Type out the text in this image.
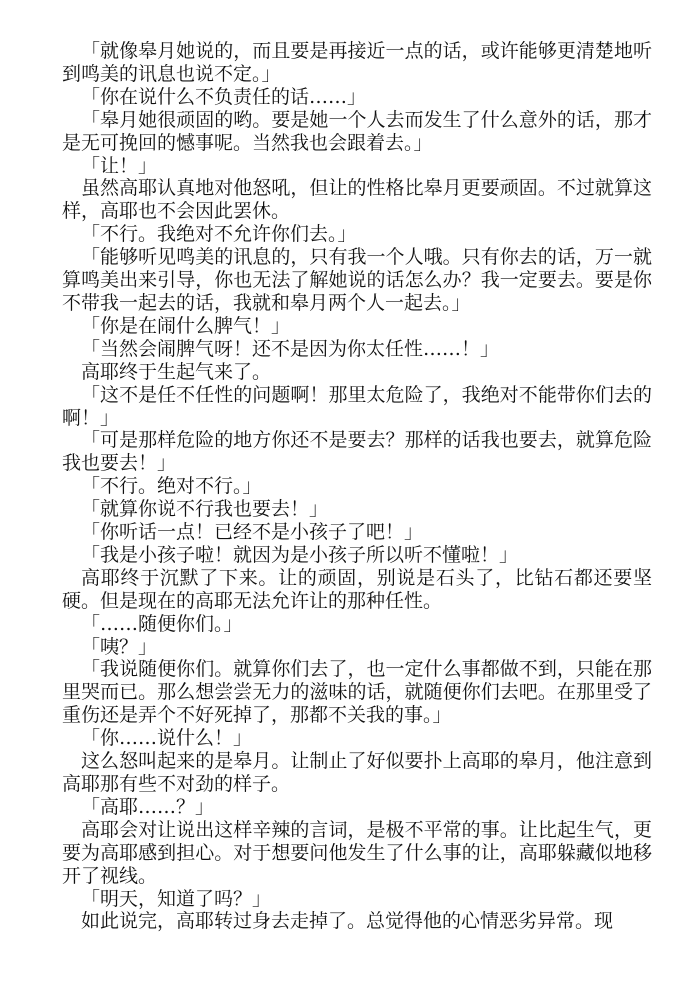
「就像皋月她说的，而且要是再接近一点的话，或许能够更清楚地听到鸣美的讯息也说不定。」

「你在说什么不负责任的话……」

「皋月她很顽固的哟。要是她一个人去而发生了什么意外的话，那才是无可挽回的憾事呢。当然我也会跟着去。」

「让！」

虽然高耶认真地对他怒吼，但让的性格比皋月更要顽固。不过就算这样，高耶也不会因此罢休。

「不行。我绝对不允许你们去。」

「能够听见鸣美的讯息的，只有我一个人哦。只有你去的话，万一就算鸣美出来引导，你也无法了解她说的话怎么办？我一定要去。要是你不带我一起去的话，我就和皋月两个人一起去。」

「你是在闹什么脾气！」

「当然会闹脾气呀！还不是因为你太任性……！」

高耶终于生起气来了。

「这不是任不任性的问题啊！那里太危险了，我绝对不能带你们去的啊！」

「可是那样危险的地方你还不是要去？那样的话我也要去，就算危险我也要去！」

「不行。绝对不行。」

「就算你说不行我也要去！」

「你听话一点！已经不是小孩子了吧！」

「我是小孩子啦！就因为是小孩子所以听不懂啦！」

高耶终于沉默了下来。让的顽固，别说是石头了，比钻石都还要坚硬。但是现在的高耶无法允许让的那种任性。

「……随便你们。」

「咦？」

「我说随便你们。就算你们去了，也一定什么事都做不到，只能在那里哭而已。那么想尝尝无力的滋味的话，就随便你们去吧。在那里受了重伤还是弄个不好死掉了，那都不关我的事。」

「你……说什么！」

这么怒叫起来的是皋月。让制止了好似要扑上高耶的皋月，他注意到高耶那有些不对劲的样子。

「高耶……？」

高耶会对让说出这样辛辣的言词，是极不平常的事。让比起生气，更要为高耶感到担心。对于想要问他发生了什么事的让，高耶躲藏似地移开了视线。

「明天，知道了吗？」

如此说完，高耶转过身去走掉了。总觉得他的心情恶劣异常。现
